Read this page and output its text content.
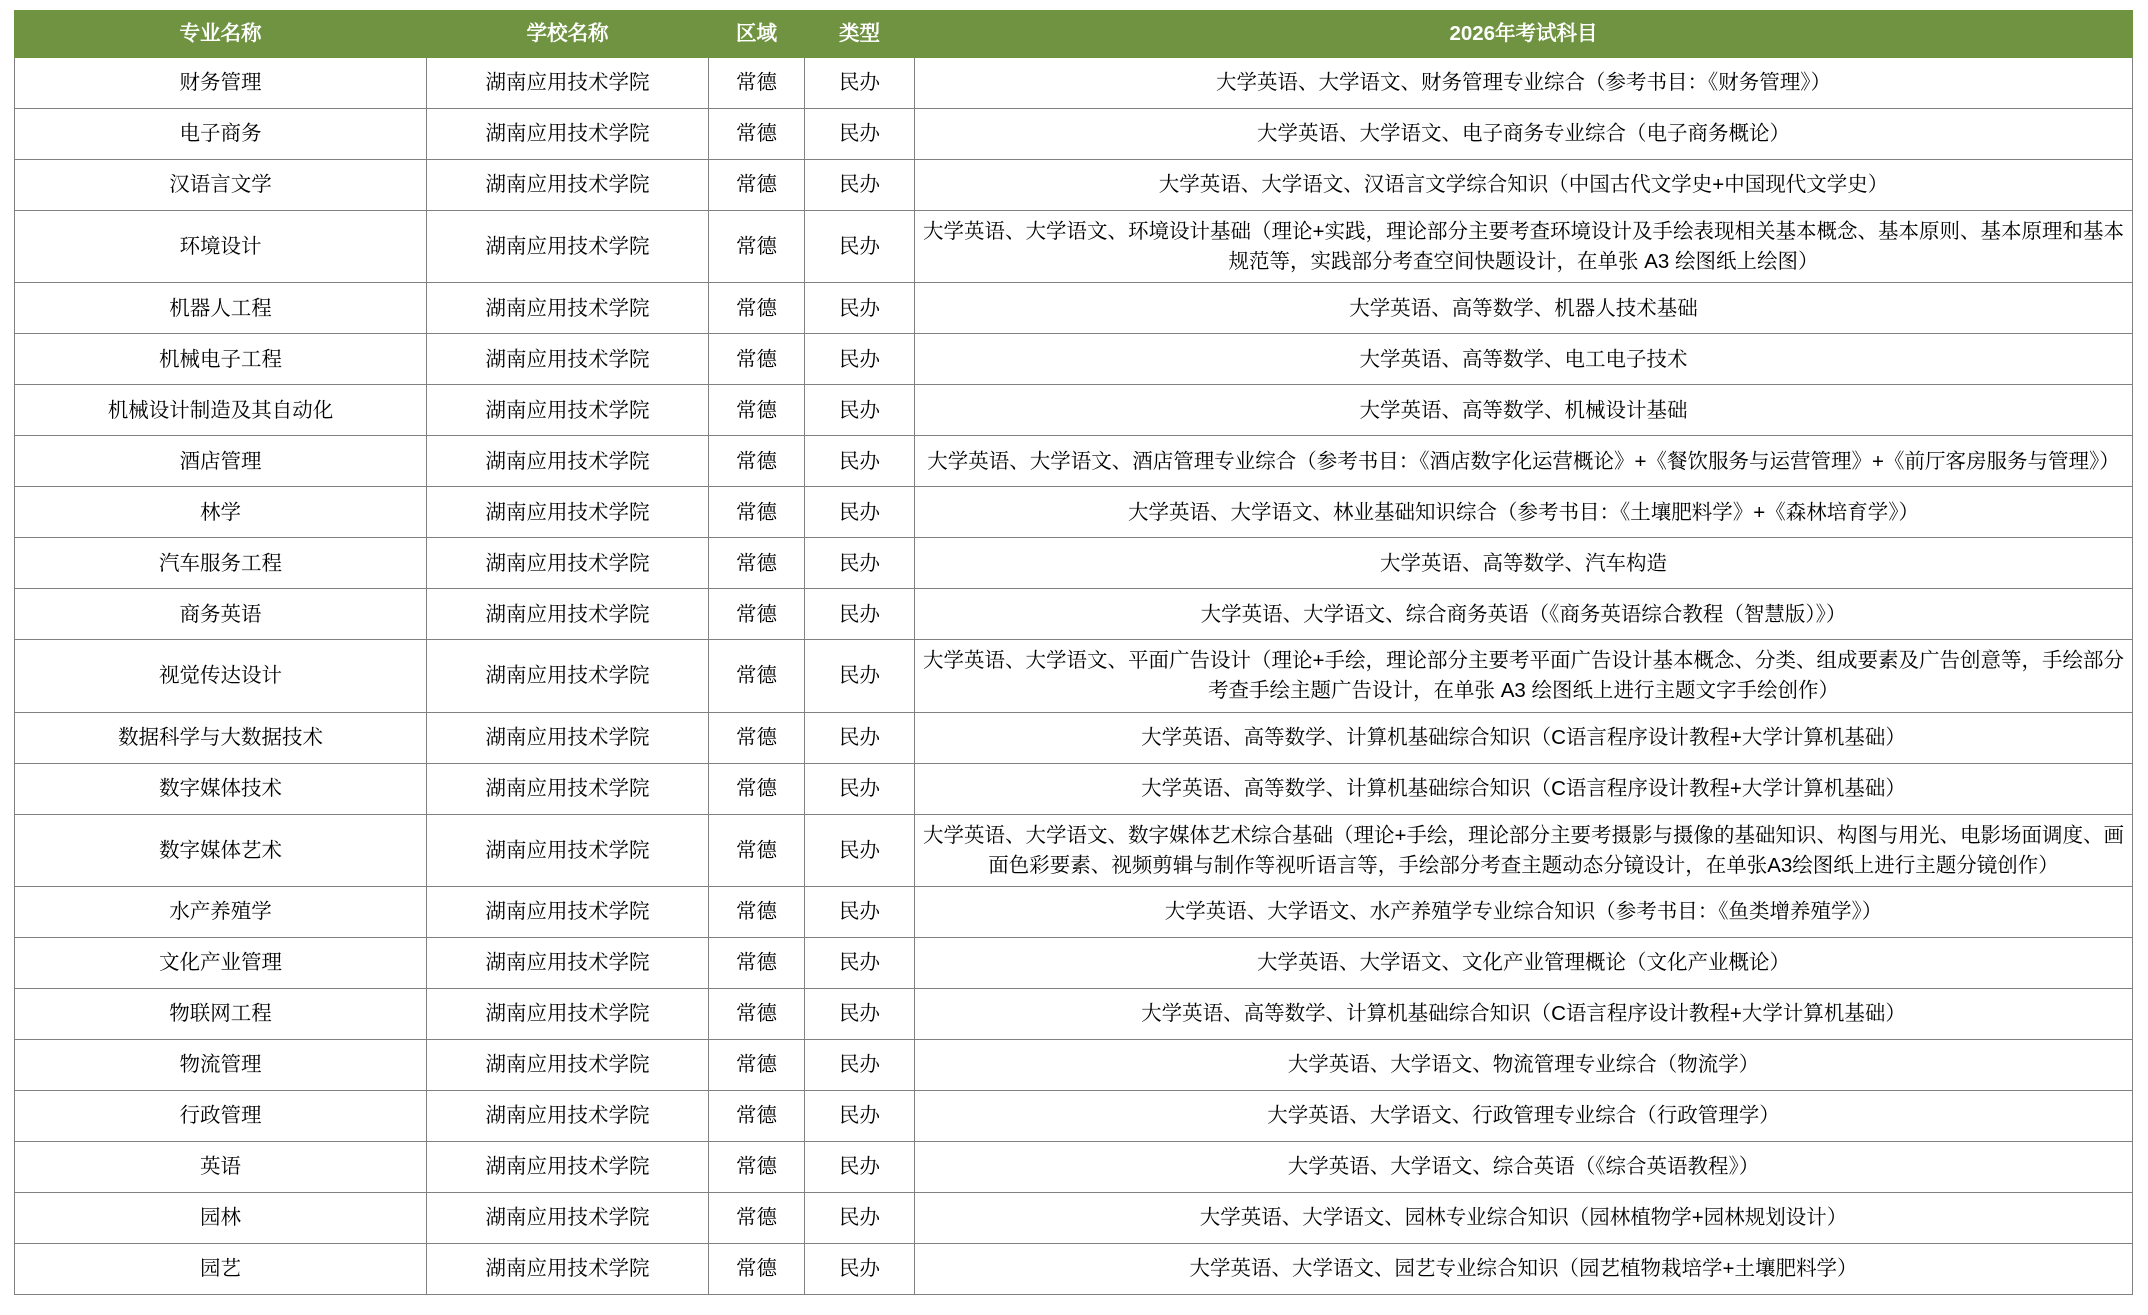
专业名称	学校名称	区域	类型	2026年考试科目
财务管理	湖南应用技术学院	常德	民办	大学英语、大学语文、财务管理专业综合（参考书目：《财务管理》）
电子商务	湖南应用技术学院	常德	民办	大学英语、大学语文、电子商务专业综合（电子商务概论）
汉语言文学	湖南应用技术学院	常德	民办	大学英语、大学语文、汉语言文学综合知识（中国古代文学史+中国现代文学史）
环境设计	湖南应用技术学院	常德	民办	大学英语、大学语文、环境设计基础（理论+实践，理论部分主要考查环境设计及手绘表现相关基本概念、基本原则、基本原理和基本规范等，实践部分考查空间快题设计，在单张 A3 绘图纸上绘图）
机器人工程	湖南应用技术学院	常德	民办	大学英语、高等数学、机器人技术基础
机械电子工程	湖南应用技术学院	常德	民办	大学英语、高等数学、电工电子技术
机械设计制造及其自动化	湖南应用技术学院	常德	民办	大学英语、高等数学、机械设计基础
酒店管理	湖南应用技术学院	常德	民办	大学英语、大学语文、酒店管理专业综合（参考书目：《酒店数字化运营概论》+《餐饮服务与运营管理》+《前厅客房服务与管理》）
林学	湖南应用技术学院	常德	民办	大学英语、大学语文、林业基础知识综合（参考书目：《土壤肥料学》+《森林培育学》）
汽车服务工程	湖南应用技术学院	常德	民办	大学英语、高等数学、汽车构造
商务英语	湖南应用技术学院	常德	民办	大学英语、大学语文、综合商务英语（《商务英语综合教程（智慧版）》）
视觉传达设计	湖南应用技术学院	常德	民办	大学英语、大学语文、平面广告设计（理论+手绘，理论部分主要考平面广告设计基本概念、分类、组成要素及广告创意等，手绘部分考查手绘主题广告设计，在单张 A3 绘图纸上进行主题文字手绘创作）
数据科学与大数据技术	湖南应用技术学院	常德	民办	大学英语、高等数学、计算机基础综合知识（C语言程序设计教程+大学计算机基础）
数字媒体技术	湖南应用技术学院	常德	民办	大学英语、高等数学、计算机基础综合知识（C语言程序设计教程+大学计算机基础）
数字媒体艺术	湖南应用技术学院	常德	民办	大学英语、大学语文、数字媒体艺术综合基础（理论+手绘，理论部分主要考摄影与摄像的基础知识、构图与用光、电影场面调度、画面色彩要素、视频剪辑与制作等视听语言等，手绘部分考查主题动态分镜设计，在单张A3绘图纸上进行主题分镜创作）
水产养殖学	湖南应用技术学院	常德	民办	大学英语、大学语文、水产养殖学专业综合知识（参考书目：《鱼类增养殖学》）
文化产业管理	湖南应用技术学院	常德	民办	大学英语、大学语文、文化产业管理概论（文化产业概论）
物联网工程	湖南应用技术学院	常德	民办	大学英语、高等数学、计算机基础综合知识（C语言程序设计教程+大学计算机基础）
物流管理	湖南应用技术学院	常德	民办	大学英语、大学语文、物流管理专业综合（物流学）
行政管理	湖南应用技术学院	常德	民办	大学英语、大学语文、行政管理专业综合（行政管理学）
英语	湖南应用技术学院	常德	民办	大学英语、大学语文、综合英语（《综合英语教程》）
园林	湖南应用技术学院	常德	民办	大学英语、大学语文、园林专业综合知识（园林植物学+园林规划设计）
园艺	湖南应用技术学院	常德	民办	大学英语、大学语文、园艺专业综合知识（园艺植物栽培学+土壤肥料学）
